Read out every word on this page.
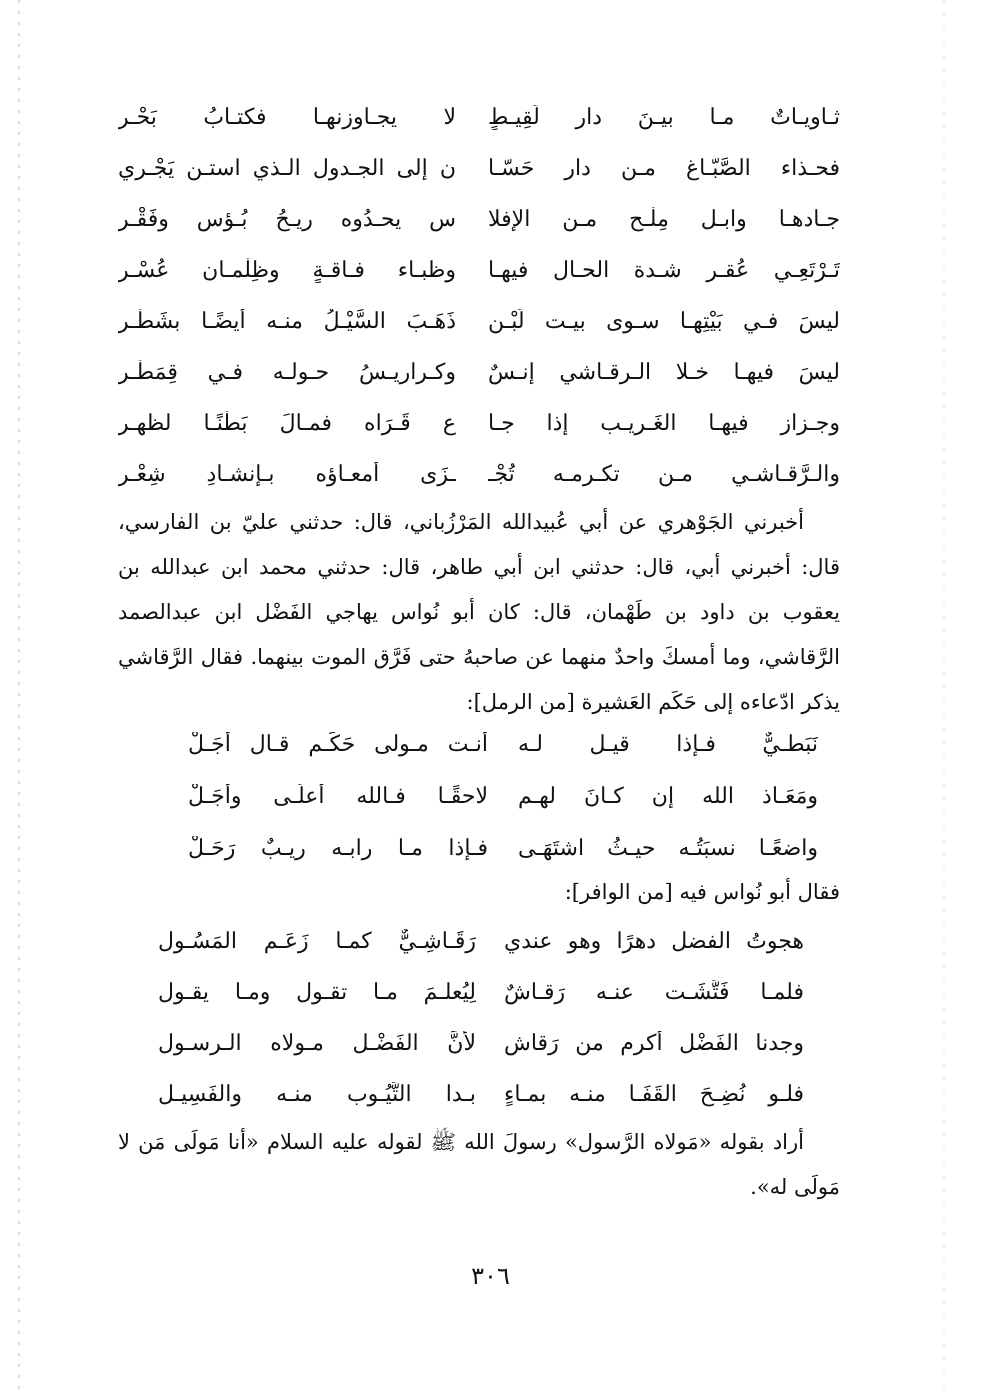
ثـاويـاتٌ مـا بيـنَ دارِ لَقِيـطٍ
لا يجـاوزنهـا فكتـابُ بَحْـرِ
فحـذاء الصَّبّـاغ مـن دارِ حَسّـا
ن إلى الجـدول الـذي استـن يَجْـري
جـادهـا وابـل مِلْـح مـن الإفلا
س يحـدُوه ريـحُ بُـؤس وفَقْـرِ
تَـرْتَعِـي عُقـر شـدة الحـال فيهـا
وظبـاء فـاقـةٍ وظِلْمـان عُسْـر
ليسَ فـي بَيْتِهـا سـوى بيـت لَبْـن
ذَهَـبَ السَّيْـلُ منـه أيضًـا بشَطْـرِ
ليسَ فيهـا خـلا الـرقـاشي إنـسٌ
وكـراريـسُ حـولـه فـي قِمَطْـرِ
وجـزاز فيهـا الغَـريـب إذا جـا
ع قَـرَاه فمـالَ بَطْنًـا لظهـرِ
والـرَّقـاشـي مـن تكـرمـه تُجْـ
ـزَى أمعـاؤه بـإنشـادِ شِعْـرِ
أخبرني الجَوْهري عن أبي عُبيدالله المَرْزُباني، قال: حدثني عليّ بن الفارسي، قال: أخبرني أبي، قال: حدثني ابن أبي طاهر، قال: حدثني محمد ابن عبدالله بن يعقوب بن داود بن طَهْمان، قال: كان أبو نُواس يهاجي الفَضْل ابن عبدالصمد الرَّقاشي، وما أمسكَ واحدٌ منهما عن صاحبهُ حتى فَرَّق الموت بينهما. فقال الرَّقاشي يذكر ادّعاءه إلى حَكَم العَشيرة [من الرمل]:
نَبَطـيٌّ فـإذا قيـل لـه
أنـت مـولى حَكَـم قـال أجَـلْ
ومَعَـاذ الله إن كـانَ لهـم
لاحقًـا فـالله أعلَـى وأجَـلْ
واضعًـا نسبَتُـه حيـثُ اشتَهَـى
فـإذا مـا رابـه ريـبٌ رَحَـلْ
فقال أبو نُواس فيه [من الوافر]:
هجوتُ الفضل دهرًا وهو عندي
رَقَـاشِـيٌّ كمـا زَعَـم المَسُـول
فلمـا فَتَّشَـت عنـه رَقـاشٌ
لِيُعلـمَ مـا تقـول ومـا يقـول
وجدنا الفَضْل أكرم من رَقاش
لأنَّ الفَضْـل مـولاه الـرسـول
فلـو نُضِـحَ القَفَـا منـه بمـاءٍ
بـدا التَّيُـوب منـه والفَسِيـل
أراد بقوله «مَولاه الرَّسول» رسولَ الله ﷺ لقوله عليه السلام «أنا مَولَى مَن لا مَولَى له».
٣٠٦
